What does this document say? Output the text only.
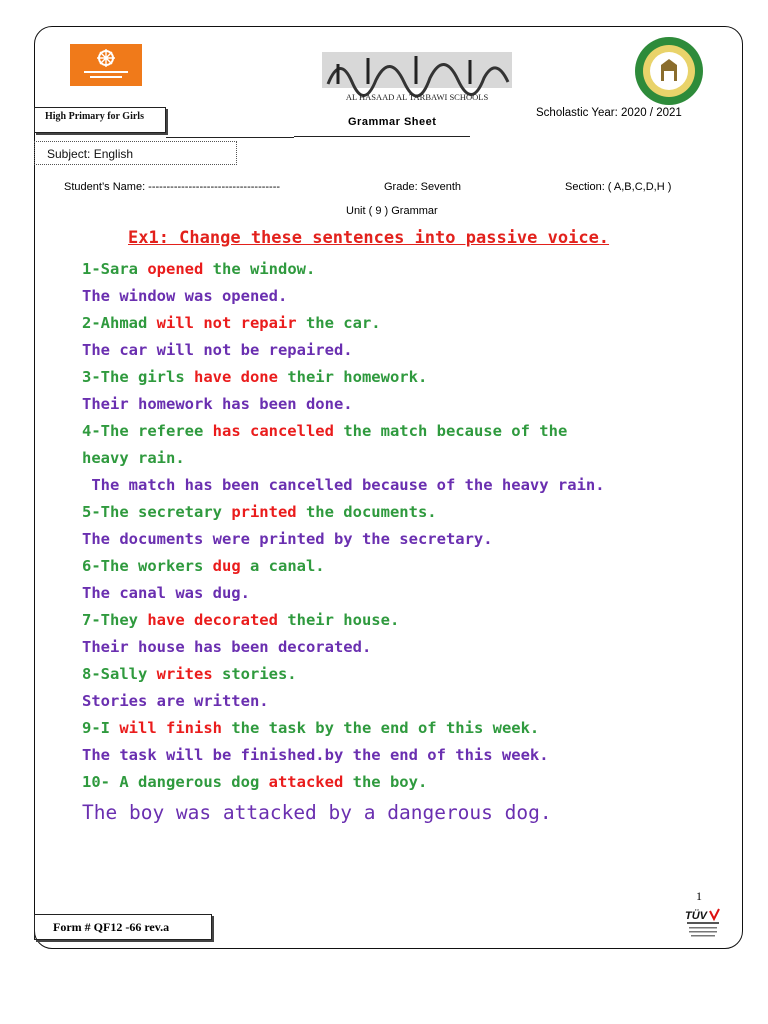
AL HASAAD AL TARBAWI SCHOOLS
High Primary for Girls	Grammar Sheet
Scholastic Year: 2020 / 2021
Subject: English
Student’s Name: ------------------------------------	Grade: Seventh	Section: ( A,B,C,D,H )
Unit ( 9 ) Grammar
Ex1: Change these sentences into passive voice.
1-Sara opened the window.
The window was opened.
2-Ahmad will not repair the car.
The car will not be repaired.
3-The girls have done their homework.
Their homework has been done.
4-The referee has cancelled the match because of the
heavy rain.
The match has been cancelled because of the heavy rain.
5-The secretary printed the documents.
The documents were printed by the secretary.
6-The workers dug a canal.
The canal was dug.
7-They have decorated their house.
Their house has been decorated.
8-Sally writes stories.
Stories are written.
9-I will finish the task by the end of this week.
The task will be finished.by the end of this week.
10- A dangerous dog attacked the boy.
The boy was attacked by a dangerous dog.
1
Form # QF12 -66 rev.a
TÜV
